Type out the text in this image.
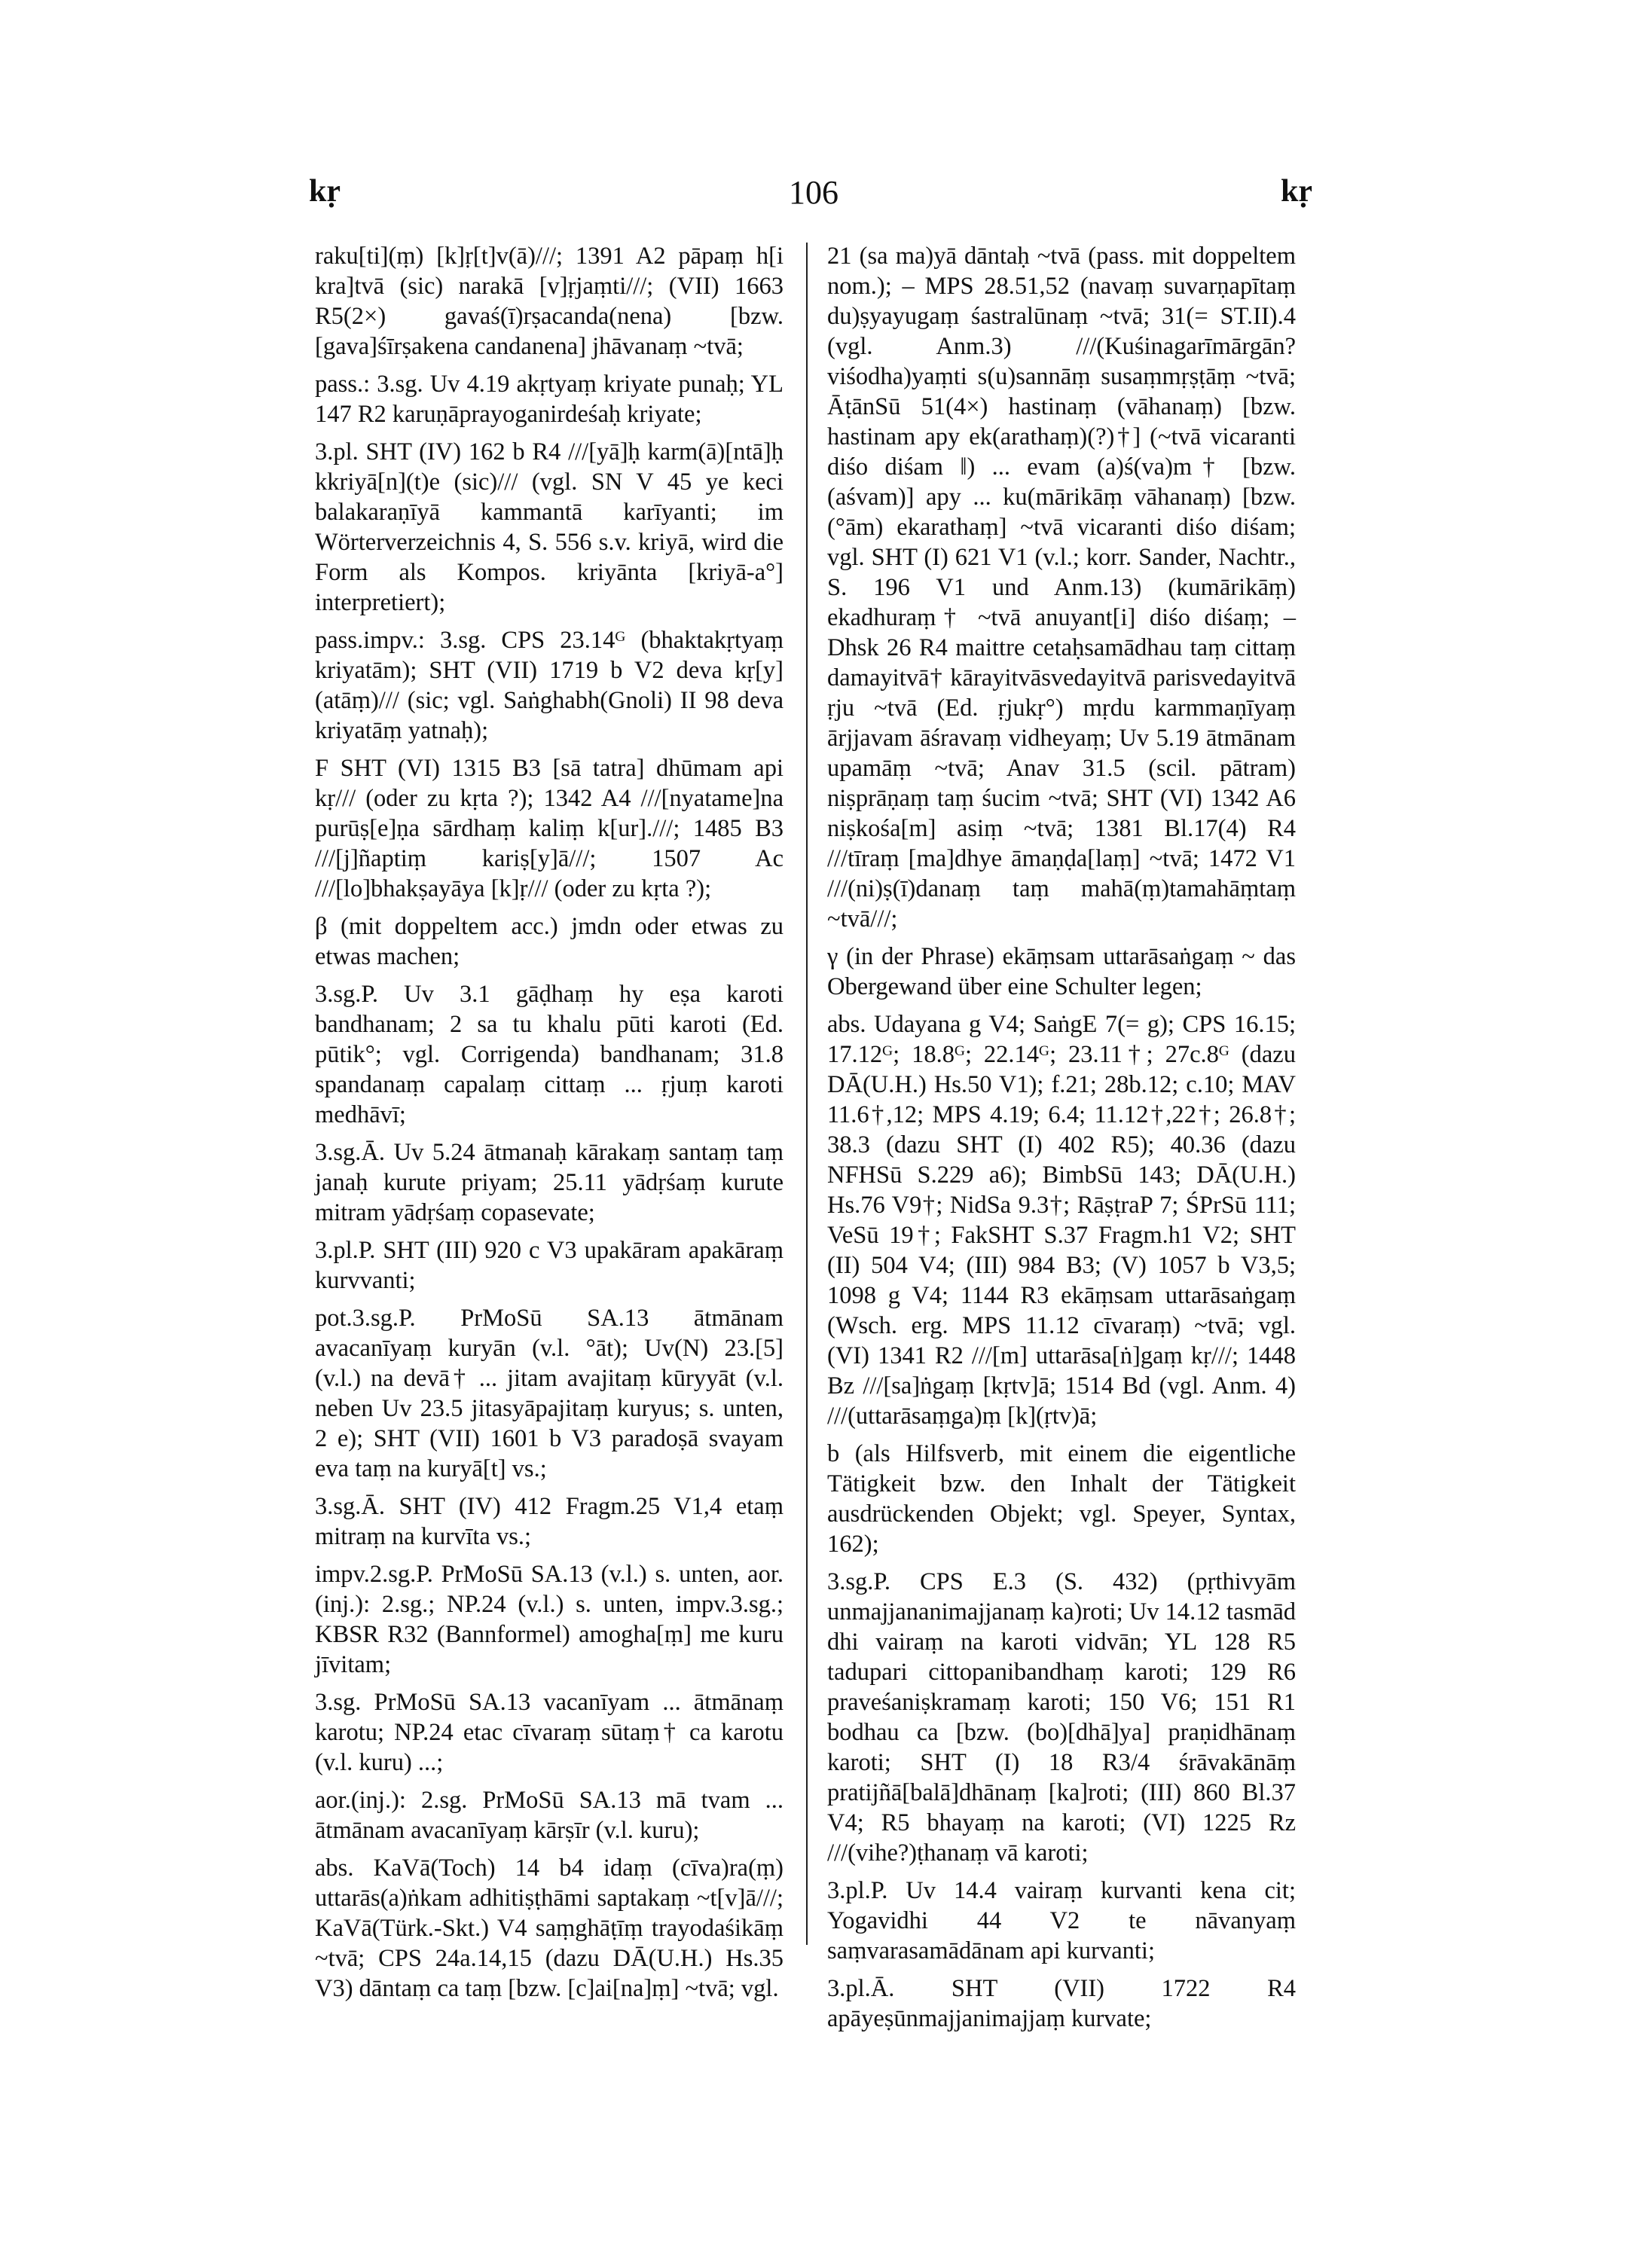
kṛ	106	kṛ

raku[ti](ṃ) [k]ṛ[t]v(ā)///; 1391 A2 pāpaṃ h[i kra]tvā (sic) narakā [v]ṛjaṃti///; (VII) 1663 R5(2×) gavaś(ī)rṣacanda(nena) [bzw. [gava]śīrṣakena candanena] jhāvanaṃ ~tvā;

pass.: 3.sg. Uv 4.19 akṛtyaṃ kriyate punaḥ; YL 147 R2 karuṇāprayoganirdeśaḥ kriyate;

3.pl. SHT (IV) 162 b R4 ///[yā]ḥ karm(ā)[ntā]ḥ kkriyā[n](t)e (sic)/// (vgl. SN V 45 ye keci balakaraṇīyā kammantā karīyanti; im Wörterverzeichnis 4, S. 556 s.v. kriyā, wird die Form als Kompos. kriyānta [kriyā-a°] interpretiert);

pass.impv.: 3.sg. CPS 23.14ᴳ (bhaktakṛtyaṃ kriyatām); SHT (VII) 1719 b V2 deva kṛ[y](atāṃ)/// (sic; vgl. Saṅghabh(Gnoli) II 98 deva kriyatāṃ yatnaḥ);

F SHT (VI) 1315 B3 [sā tatra] dhūmam api kṛ/// (oder zu kṛta ?); 1342 A4 ///[nyatame]na purūṣ[e]ṇa sārdhaṃ kaliṃ k[ur].///; 1485 B3 ///[j]ñaptiṃ kariṣ[y]ā///; 1507 Ac ///[lo]bhakṣayāya [k]ṛ/// (oder zu kṛta ?);

β (mit doppeltem acc.) jmdn oder etwas zu etwas machen;

3.sg.P. Uv 3.1 gāḍhaṃ hy eṣa karoti bandhanam; 2 sa tu khalu pūti karoti (Ed. pūtik°; vgl. Corrigenda) bandhanam; 31.8 spandanaṃ capalaṃ cittaṃ ... ṛjuṃ karoti medhāvī;

3.sg.Ā. Uv 5.24 ātmanaḥ kārakaṃ santaṃ taṃ janaḥ kurute priyam; 25.11 yādṛśaṃ kurute mitram yādṛśaṃ copasevate;

3.pl.P. SHT (III) 920 c V3 upakāram apakāraṃ kurvvanti;

pot.3.sg.P. PrMoSū SA.13 ātmānam avacanīyaṃ kuryān (v.l. °āt); Uv(N) 23.[5] (v.l.) na devā† ... jitam avajitaṃ kūryyāt (v.l. neben Uv 23.5 jitasyāpajitaṃ kuryus; s. unten, 2 e); SHT (VII) 1601 b V3 paradoṣā svayam eva taṃ na kuryā[t] vs.;

3.sg.Ā. SHT (IV) 412 Fragm.25 V1,4 etaṃ mitraṃ na kurvīta vs.;

impv.2.sg.P. PrMoSū SA.13 (v.l.) s. unten, aor. (inj.): 2.sg.; NP.24 (v.l.) s. unten, impv.3.sg.; KBSR R32 (Bannformel) amogha[ṃ] me kuru jīvitam;

3.sg. PrMoSū SA.13 vacanīyam ... ātmānaṃ karotu; NP.24 etac cīvaraṃ sūtaṃ† ca karotu (v.l. kuru) ...;

aor.(inj.): 2.sg. PrMoSū SA.13 mā tvam ... ātmānam avacanīyaṃ kārṣīr (v.l. kuru);

abs. KaVā(Toch) 14 b4 idaṃ (cīva)ra(ṃ) uttarās(a)ṅkam adhitiṣṭhāmi saptakaṃ ~t[v]ā///; KaVā(Türk.-Skt.) V4 saṃghāṭīṃ trayodaśikāṃ ~tvā; CPS 24a.14,15 (dazu DĀ(U.H.) Hs.35 V3) dāntaṃ ca taṃ [bzw. [c]ai[na]ṃ] ~tvā; vgl.

21 (sa ma)yā dāntaḥ ~tvā (pass. mit doppeltem nom.); – MPS 28.51,52 (navaṃ suvarṇapītaṃ du)ṣyayugaṃ śastralūnaṃ ~tvā; 31(= ST.II).4 (vgl. Anm.3) ///(Kuśinagarīmārgān? viśodha)yaṃti s(u)sannāṃ susaṃmṛṣṭāṃ ~tvā; ĀṭānSū 51(4×) hastinaṃ (vāhanaṃ) [bzw. hastinam apy ek(arathaṃ)(?)†] (~tvā vicaranti diśo diśam ‖) ... evam (a)ś(va)m† [bzw. (aśvam)] apy ... ku(mārikāṃ vāhanaṃ) [bzw. (°ām) ekarathaṃ] ~tvā vicaranti diśo diśam; vgl. SHT (I) 621 V1 (v.l.; korr. Sander, Nachtr., S. 196 V1 und Anm.13) (kumārikāṃ) ekadhuraṃ† ~tvā anuyant[i] diśo diśaṃ; – Dhsk 26 R4 maittre cetaḥsamādhau taṃ cittaṃ damayitvā† kārayitvāsvedayitvā parisvedayitvā ṛju ~tvā (Ed. ṛjukṛ°) mṛdu karmmaṇīyaṃ ārjjavam āśravaṃ vidheyaṃ; Uv 5.19 ātmānam upamāṃ ~tvā; Anav 31.5 (scil. pātram) niṣprāṇaṃ taṃ śucim ~tvā; SHT (VI) 1342 A6 niṣkośa[m] asiṃ ~tvā; 1381 Bl.17(4) R4 ///tīraṃ [ma]dhye āmaṇḍa[laṃ] ~tvā; 1472 V1 ///(ni)ṣ(ī)danaṃ taṃ mahā(ṃ)tamahāṃtaṃ ~tvā///;

γ (in der Phrase) ekāṃsam uttarāsaṅgaṃ ~ das Obergewand über eine Schulter legen;

abs. Udayana g V4; SaṅgE 7(= g); CPS 16.15; 17.12ᴳ; 18.8ᴳ; 22.14ᴳ; 23.11†; 27c.8ᴳ (dazu DĀ(U.H.) Hs.50 V1); f.21; 28b.12; c.10; MAV 11.6†,12; MPS 4.19; 6.4; 11.12†,22†; 26.8†; 38.3 (dazu SHT (I) 402 R5); 40.36 (dazu NFHSū S.229 a6); BimbSū 143; DĀ(U.H.) Hs.76 V9†; NidSa 9.3†; RāṣṭraP 7; ŚPrSū 111; VeSū 19†; FakSHT S.37 Fragm.h1 V2; SHT (II) 504 V4; (III) 984 B3; (V) 1057 b V3,5; 1098 g V4; 1144 R3 ekāṃsam uttarāsaṅgaṃ (Wsch. erg. MPS 11.12 cīvaraṃ) ~tvā; vgl. (VI) 1341 R2 ///[m] uttarāsa[ṅ]gaṃ kṛ///; 1448 Bz ///[sa]ṅgaṃ [kṛtv]ā; 1514 Bd (vgl. Anm. 4) ///(uttarāsaṃga)ṃ [k](ṛtv)ā;

b (als Hilfsverb, mit einem die eigentliche Tätigkeit bzw. den Inhalt der Tätigkeit ausdrückenden Objekt; vgl. Speyer, Syntax, 162);

3.sg.P. CPS E.3 (S. 432) (pṛthivyām unmajjananimajjanaṃ ka)roti; Uv 14.12 tasmād dhi vairaṃ na karoti vidvān; YL 128 R5 tadupari cittopanibandhaṃ karoti; 129 R6 praveśaniṣkramaṃ karoti; 150 V6; 151 R1 bodhau ca [bzw. (bo)[dhā]ya] praṇidhānaṃ karoti; SHT (I) 18 R3/4 śrāvakānāṃ pratijñā[balā]dhānaṃ [ka]roti; (III) 860 Bl.37 V4; R5 bhayaṃ na karoti; (VI) 1225 Rz ///(vihe?)ṭhanaṃ vā karoti;

3.pl.P. Uv 14.4 vairaṃ kurvanti kena cit; Yogavidhi 44 V2 te nāvanyaṃ saṃvarasamādānam api kurvanti;

3.pl.Ā. SHT (VII) 1722 R4 apāyeṣūnmajjanimajjaṃ kurvate;
